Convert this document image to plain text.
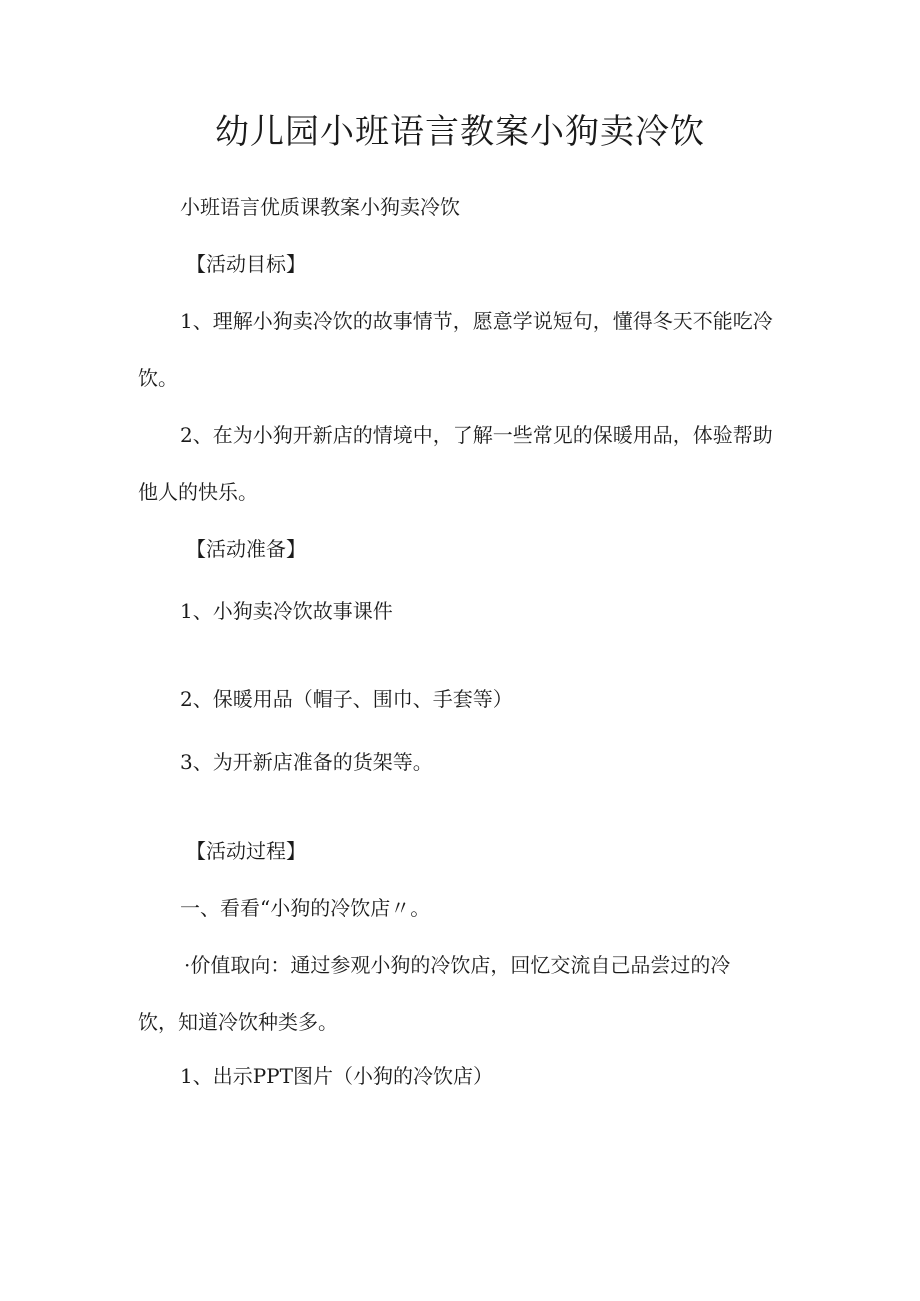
幼儿园小班语言教案小狗卖冷饮

小班语言优质课教案小狗卖冷饮

【活动目标】

1、理解小狗卖冷饮的故事情节，愿意学说短句，懂得冬天不能吃冷

饮。

2、在为小狗开新店的情境中，了解一些常见的保暖用品，体验帮助

他人的快乐。

【活动准备】

1、小狗卖冷饮故事课件

2、保暖用品（帽子、围巾、手套等）

3、为开新店准备的货架等。

【活动过程】

一、看看“小狗的冷饮店〃。

·价值取向：通过参观小狗的冷饮店，回忆交流自己品尝过的冷

饮，知道冷饮种类多。

1、出示PPT图片（小狗的冷饮店）
